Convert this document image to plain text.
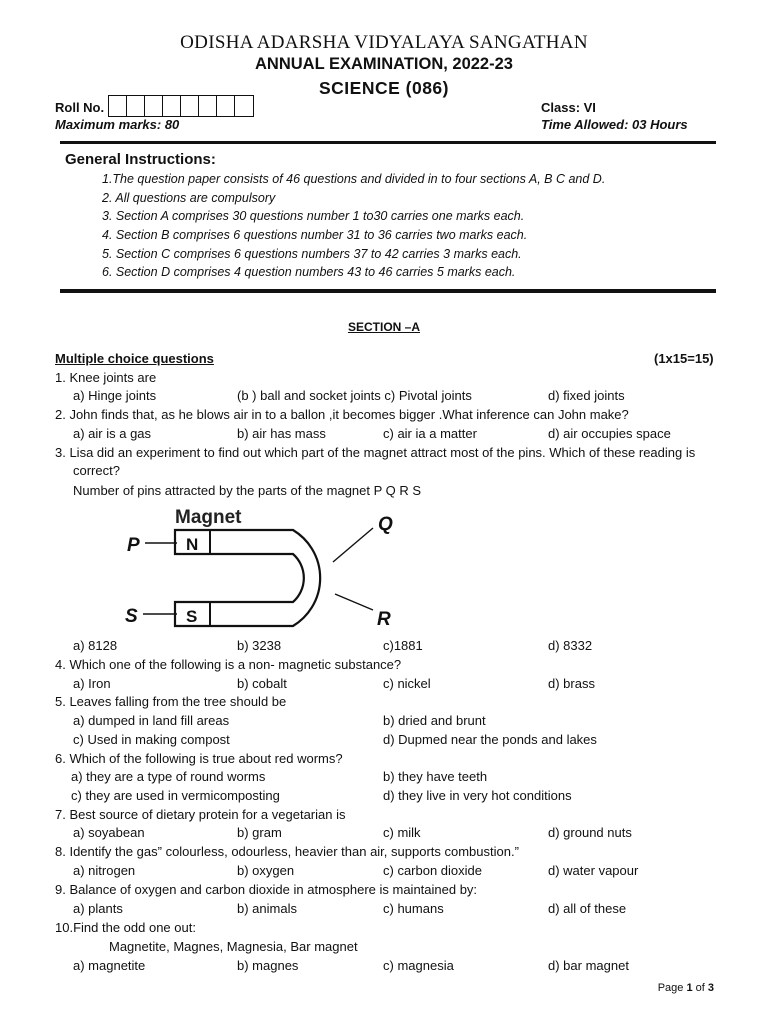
ODISHA ADARSHA VIDYALAYA SANGATHAN
ANNUAL EXAMINATION, 2022-23
SCIENCE (086)
Roll No.	Class: VI
Maximum marks: 80	Time Allowed: 03 Hours
General Instructions:
1.The question paper consists of 46 questions and divided in to four sections A, B C and D.
2. All questions are compulsory
3. Section A comprises 30 questions number 1 to30 carries one marks each.
4. Section B comprises 6 questions number 31 to 36 carries two marks each.
5. Section C comprises 6 questions numbers 37 to 42 carries 3 marks each.
6. Section D comprises 4 question numbers 43 to 46 carries 5 marks each.
SECTION –A
Multiple choice questions	(1x15=15)
1. Knee joints are
a) Hinge joints	(b ) ball and socket joints c) Pivotal joints	d) fixed joints
2. John finds that, as he blows air in to a ballon ,it becomes bigger .What inference can John make?
a) air is a gas	b) air has mass	c) air ia a matter	d) air occupies space
3. Lisa did an experiment to find out which part of the magnet attract most of the pins. Which of these reading is
correct?
Number of pins attracted by the parts of the magnet P Q R S
Magnet
N
S
P
S
Q
R
a) 8128	b) 3238	c)1881	d) 8332
4. Which one of the following is a non- magnetic substance?
a) Iron	b) cobalt	c) nickel	d) brass
5. Leaves falling from the tree should be
a) dumped in land fill areas	b) dried and brunt
c) Used in making compost	d) Dupmed near the ponds and lakes
6. Which of the following is true about red worms?
a) they are a type of round worms	b) they have teeth
c) they are used in vermicomposting	d) they live in very hot conditions
7. Best source of dietary protein for a vegetarian is
a) soyabean	b) gram	c) milk	d) ground nuts
8. Identify the gas” colourless, odourless, heavier than air, supports combustion.”
a) nitrogen	b) oxygen	c) carbon dioxide	d) water vapour
9. Balance of oxygen and carbon dioxide in atmosphere is maintained by:
a) plants	b) animals	c) humans	d) all of these
10.Find the odd one out:
Magnetite, Magnes, Magnesia, Bar magnet
a) magnetite	b) magnes	c) magnesia	d) bar magnet
Page 1 of 3
